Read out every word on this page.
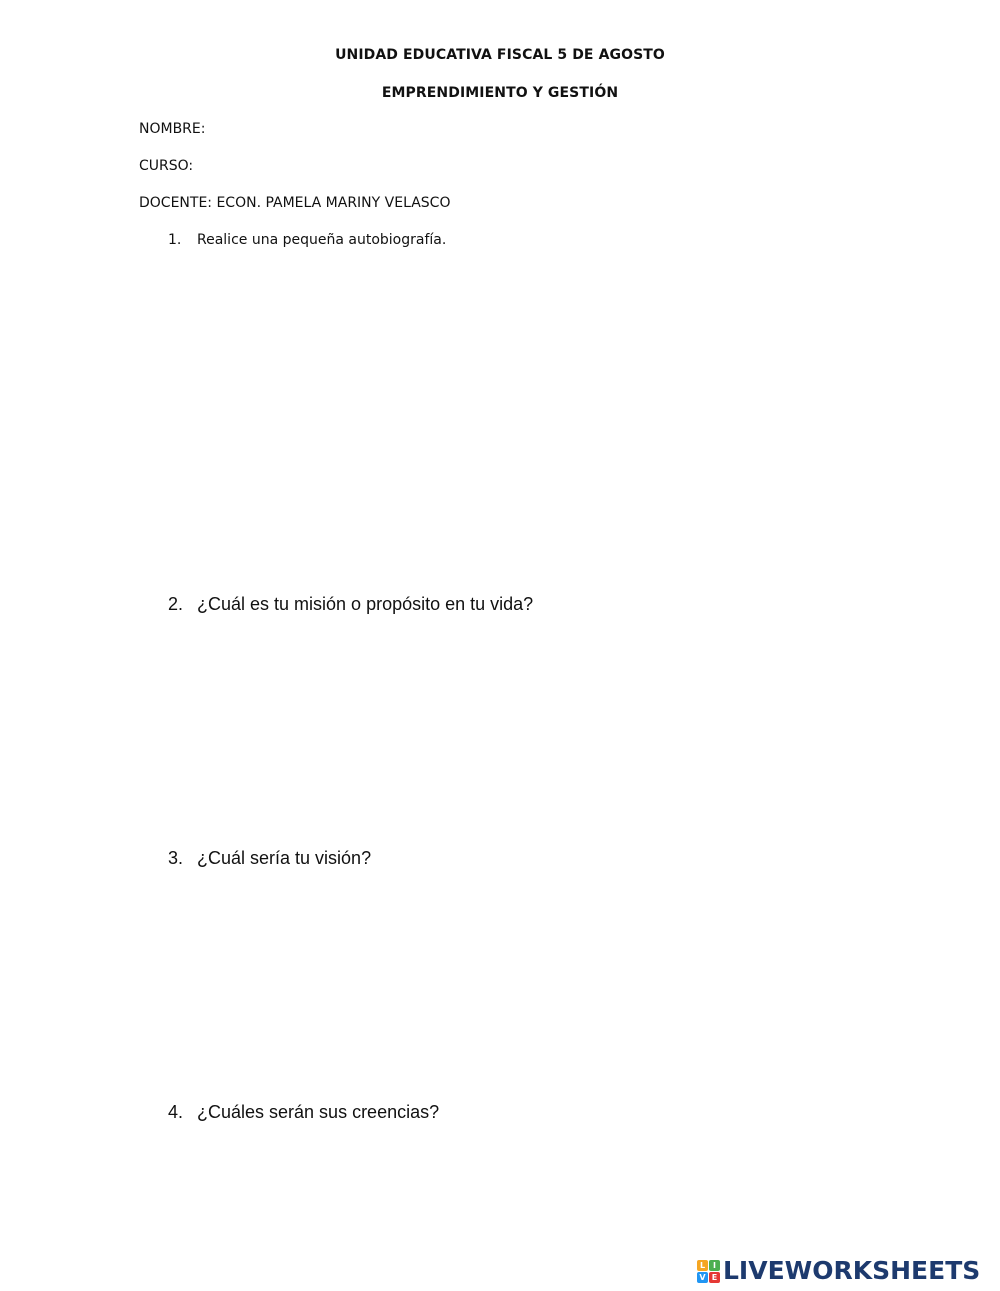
UNIDAD EDUCATIVA FISCAL 5 DE AGOSTO
EMPRENDIMIENTO Y GESTIÓN
NOMBRE:
CURSO:
DOCENTE: ECON. PAMELA MARINY VELASCO
1. Realice una pequeña autobiografía.
2. ¿Cuál es tu misión o propósito en tu vida?
3. ¿Cuál sería tu visión?
4. ¿Cuáles serán sus creencias?
L I
V E LIVEWORKSHEETS
